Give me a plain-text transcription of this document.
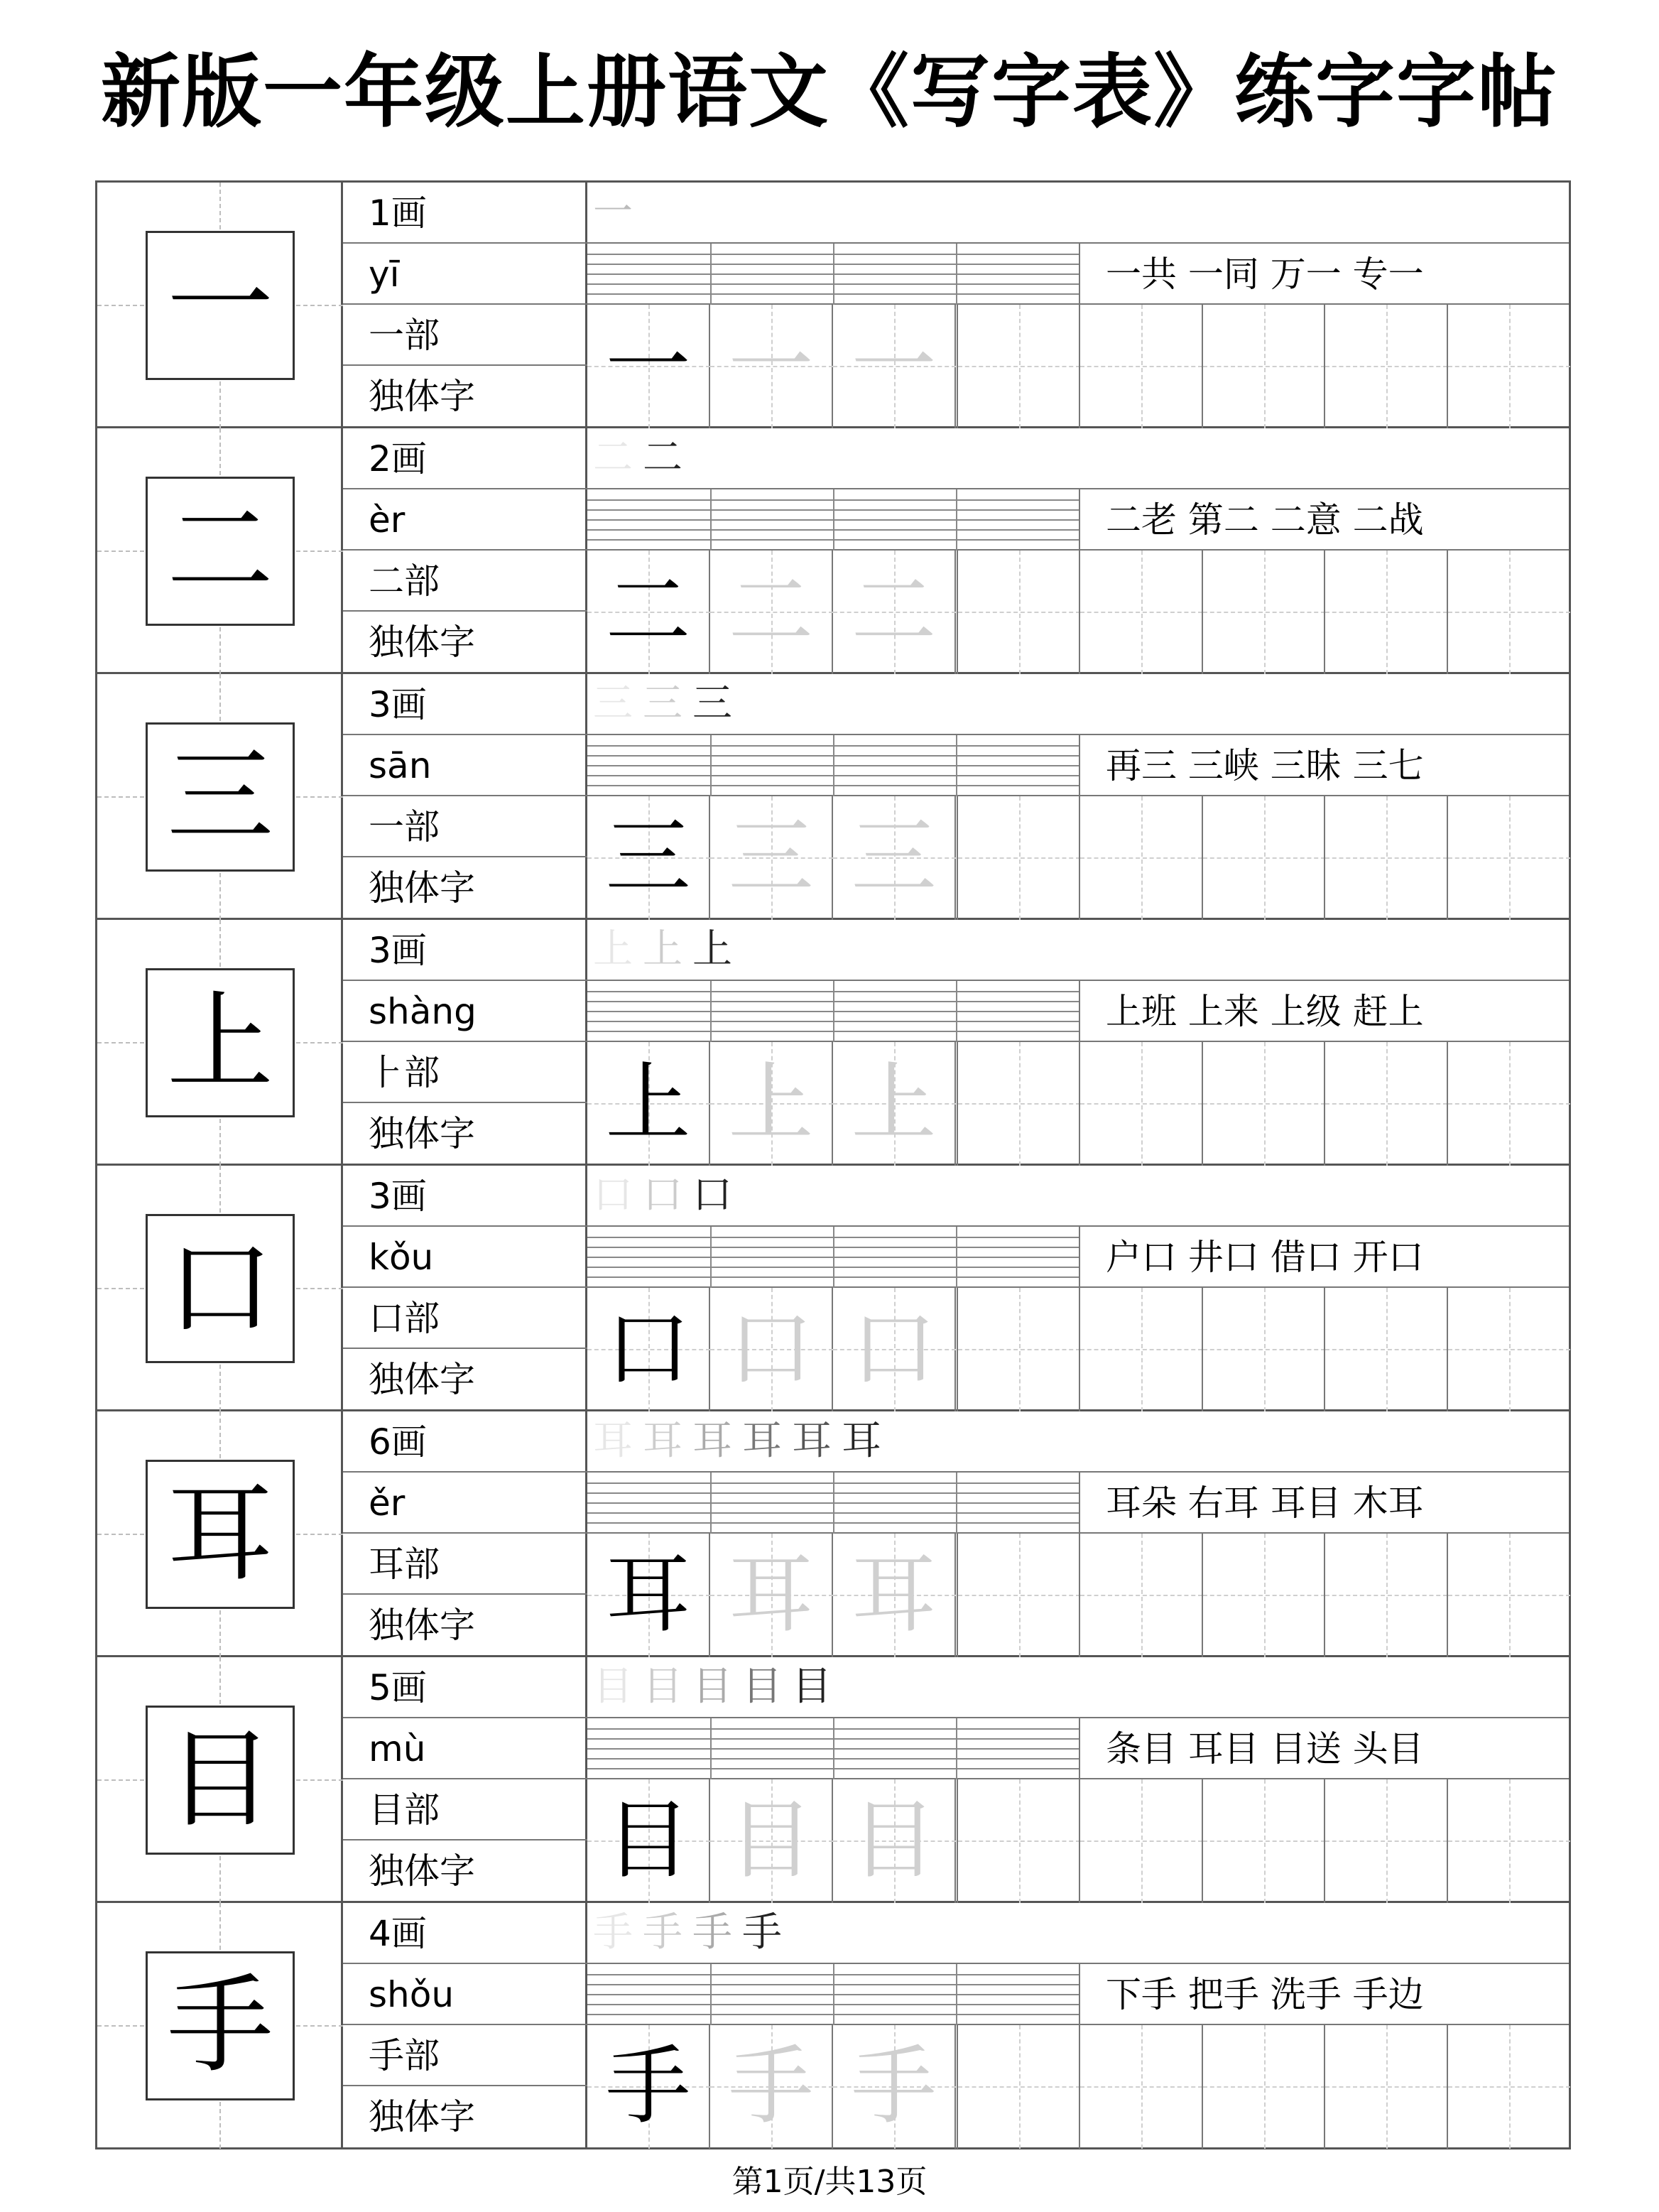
新版一年级上册语文《写字表》练字字帖
一
1画
yī
一部
独体字
一
一共 一同 万一 专一
一 一 一
二
2画
èr
二部
独体字
二 二
二老 第二 二意 二战
二 二 二
三
3画
sān
一部
独体字
三 三 三
再三 三峡 三昧 三七
三 三 三
上
3画
shàng
⺊部
独体字
上 上 上
上班 上来 上级 赶上
上 上 上
口
3画
kǒu
口部
独体字
口 口 口
户口 井口 借口 开口
口 口 口
耳
6画
ěr
耳部
独体字
耳 耳 耳 耳 耳 耳
耳朵 右耳 耳目 木耳
耳 耳 耳
目
5画
mù
目部
独体字
目 目 目 目 目
条目 耳目 目送 头目
目 目 目
手
4画
shǒu
手部
独体字
手 手 手 手
下手 把手 洗手 手边
手 手 手
第1页/共13页
